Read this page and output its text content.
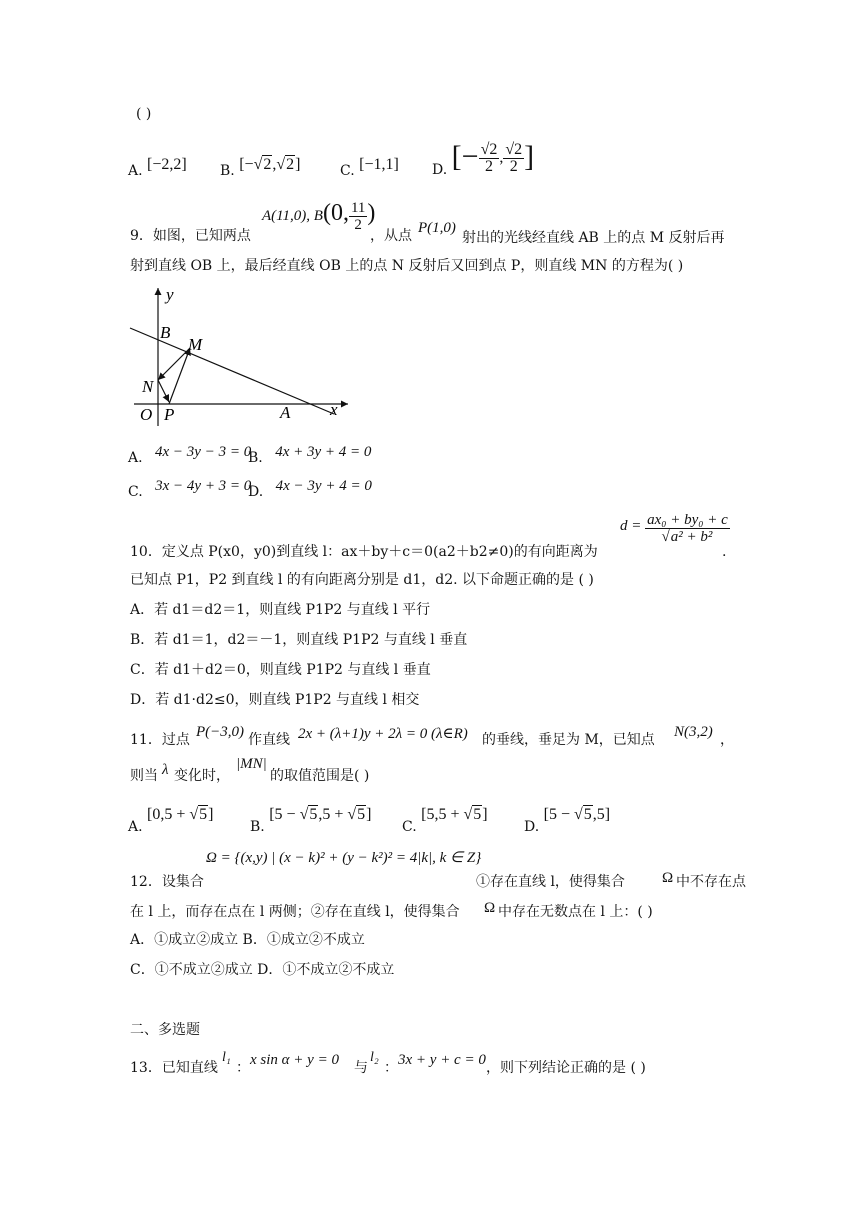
( )
A. [−2,2] B. [−√2,√2]	C. [−1,1] D. [− $\frac{√2}{2}$ , $\frac{√2}{2}$ ]
9．如图，已知两点
A(11,0), B(0, $\frac{11}{2}$ )
，从点 P(1,0)
射出的光线经直线 AB 上的点 M 反射后再
射到直线 OB 上，最后经直线 OB 上的点 N 反射后又回到点 P，则直线 MN 的方程为( )
y
x
B
M
N
O P	A
A. 4x − 3y − 3 = 0
B. 4x + 3y + 4 = 0
C. 3x − 4y + 3 = 0
D. 4x − 3y + 4 = 0
$d = \frac{\text{ax₀ + by₀ + c}}{\text{√a² + b²}}$
10．定义点 P(x0，y0)到直线 l：ax＋by＋c＝0(a2＋b2≠0)的有向距离为	.
已知点 P1，P2 到直线 l 的有向距离分别是 d1，d2. 以下命题正确的是 ( )
A．若 d1＝d2＝1，则直线 P1P2 与直线 l 平行
B．若 d1＝1，d2＝－1，则直线 P1P2 与直线 l 垂直
C．若 d1＋d2＝0，则直线 P1P2 与直线 l 垂直
D．若 d1·d2≤0，则直线 P1P2 与直线 l 相交
11．过点 P(−3,0) 作直线 2x + (λ+1)y + 2λ = 0 (λ∈R) 的垂线，垂足为 M，已知点 N(3,2) ，
则当 λ 变化时，
|MN|
的取值范围是( )
A. [0,5 + √5]
B. [5 − √5,5 + √5]
C. [5,5 + √5]
D. [5 − √5,5]
Ω = {(x,y) | (x − k)² + (y − k²)² = 4|k|, k ∈ Z}
12．设集合	①存在直线 l，使得集合 Ω 中不存在点
在 l 上，而存在点在 l 两侧；②存在直线 l，使得集合 Ω 中存在无数点在 l 上：( )
A．①成立②成立 B．①成立②不成立
C．①不成立②成立 D．①不成立②不成立
二、多选题
13．已知直线
l₁
： x sin α + y = 0 与
l₂
： 3x + y + c = 0 ，则下列结论正确的是 ( )
